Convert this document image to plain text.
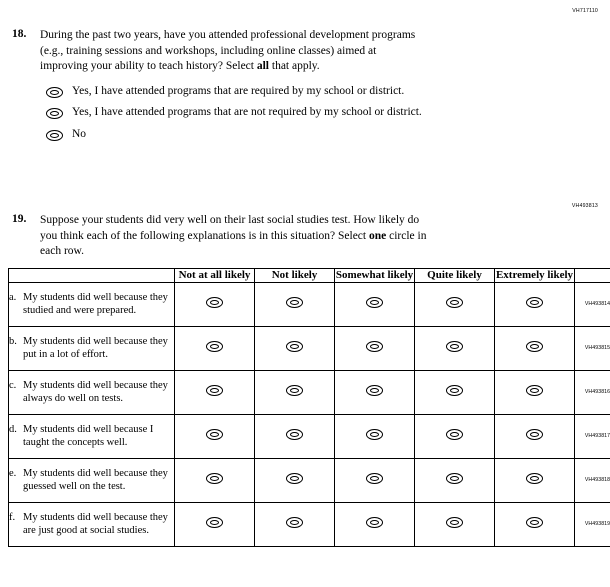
VH717110
18. During the past two years, have you attended professional development programs
(e.g., training sessions and workshops, including online classes) aimed at
improving your ability to teach history? Select all that apply.
Yes, I have attended programs that are required by my school or district.
Yes, I have attended programs that are not required by my school or district.
No
VH493813
19. Suppose your students did very well on their last social studies test. How likely do
you think each of the following explanations is in this situation? Select one circle in
each row.
	Not at all likely	Not likely	Somewhat likely	Quite likely	Extremely likely	

a. My students did well because they studied and were prepared.						VH493814

b. My students did well because they put in a lot of effort.						VH493815

c. My students did well because they always do well on tests.						VH493816

d. My students did well because I taught the concepts well.						VH493817

e. My students did well because they guessed well on the test.						VH493818

f. My students did well because they are just good at social studies.						VH493819
